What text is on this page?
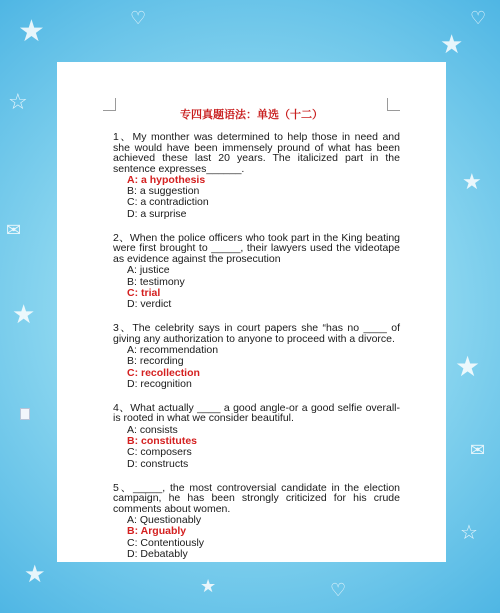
★	★
♡
☆
★
★
★
☆
★	★
♡
♡
✉
✉
专四真题语法：单选（十二）
1、My monther was determined to help those in need and she would have been immensely pround of what has been achieved these last 20 years. The italicized part in the sentence expresses______.
A: a hypothesis
B: a suggestion
C: a contradiction
D: a surprise
2、When the police officers who took part in the King beating were first brought to _____, their lawyers used the videotape as evidence against the prosecution
A: justice
B: testimony
C: trial
D: verdict
3、The celebrity says in court papers she “has no ____ of giving any authorization to anyone to proceed with a divorce.
A: recommendation
B: recording
C: recollection
D: recognition
4、What actually ____ a good angle-or a good selfie overall-is rooted in what we consider beautiful.
A: consists
B: constitutes
C: composers
D: constructs
5、_____, the most controversial candidate in the election campaign, he has been strongly criticized for his crude comments about women.
A: Questionably
B: Arguably
C: Contentiously
D: Debatably
